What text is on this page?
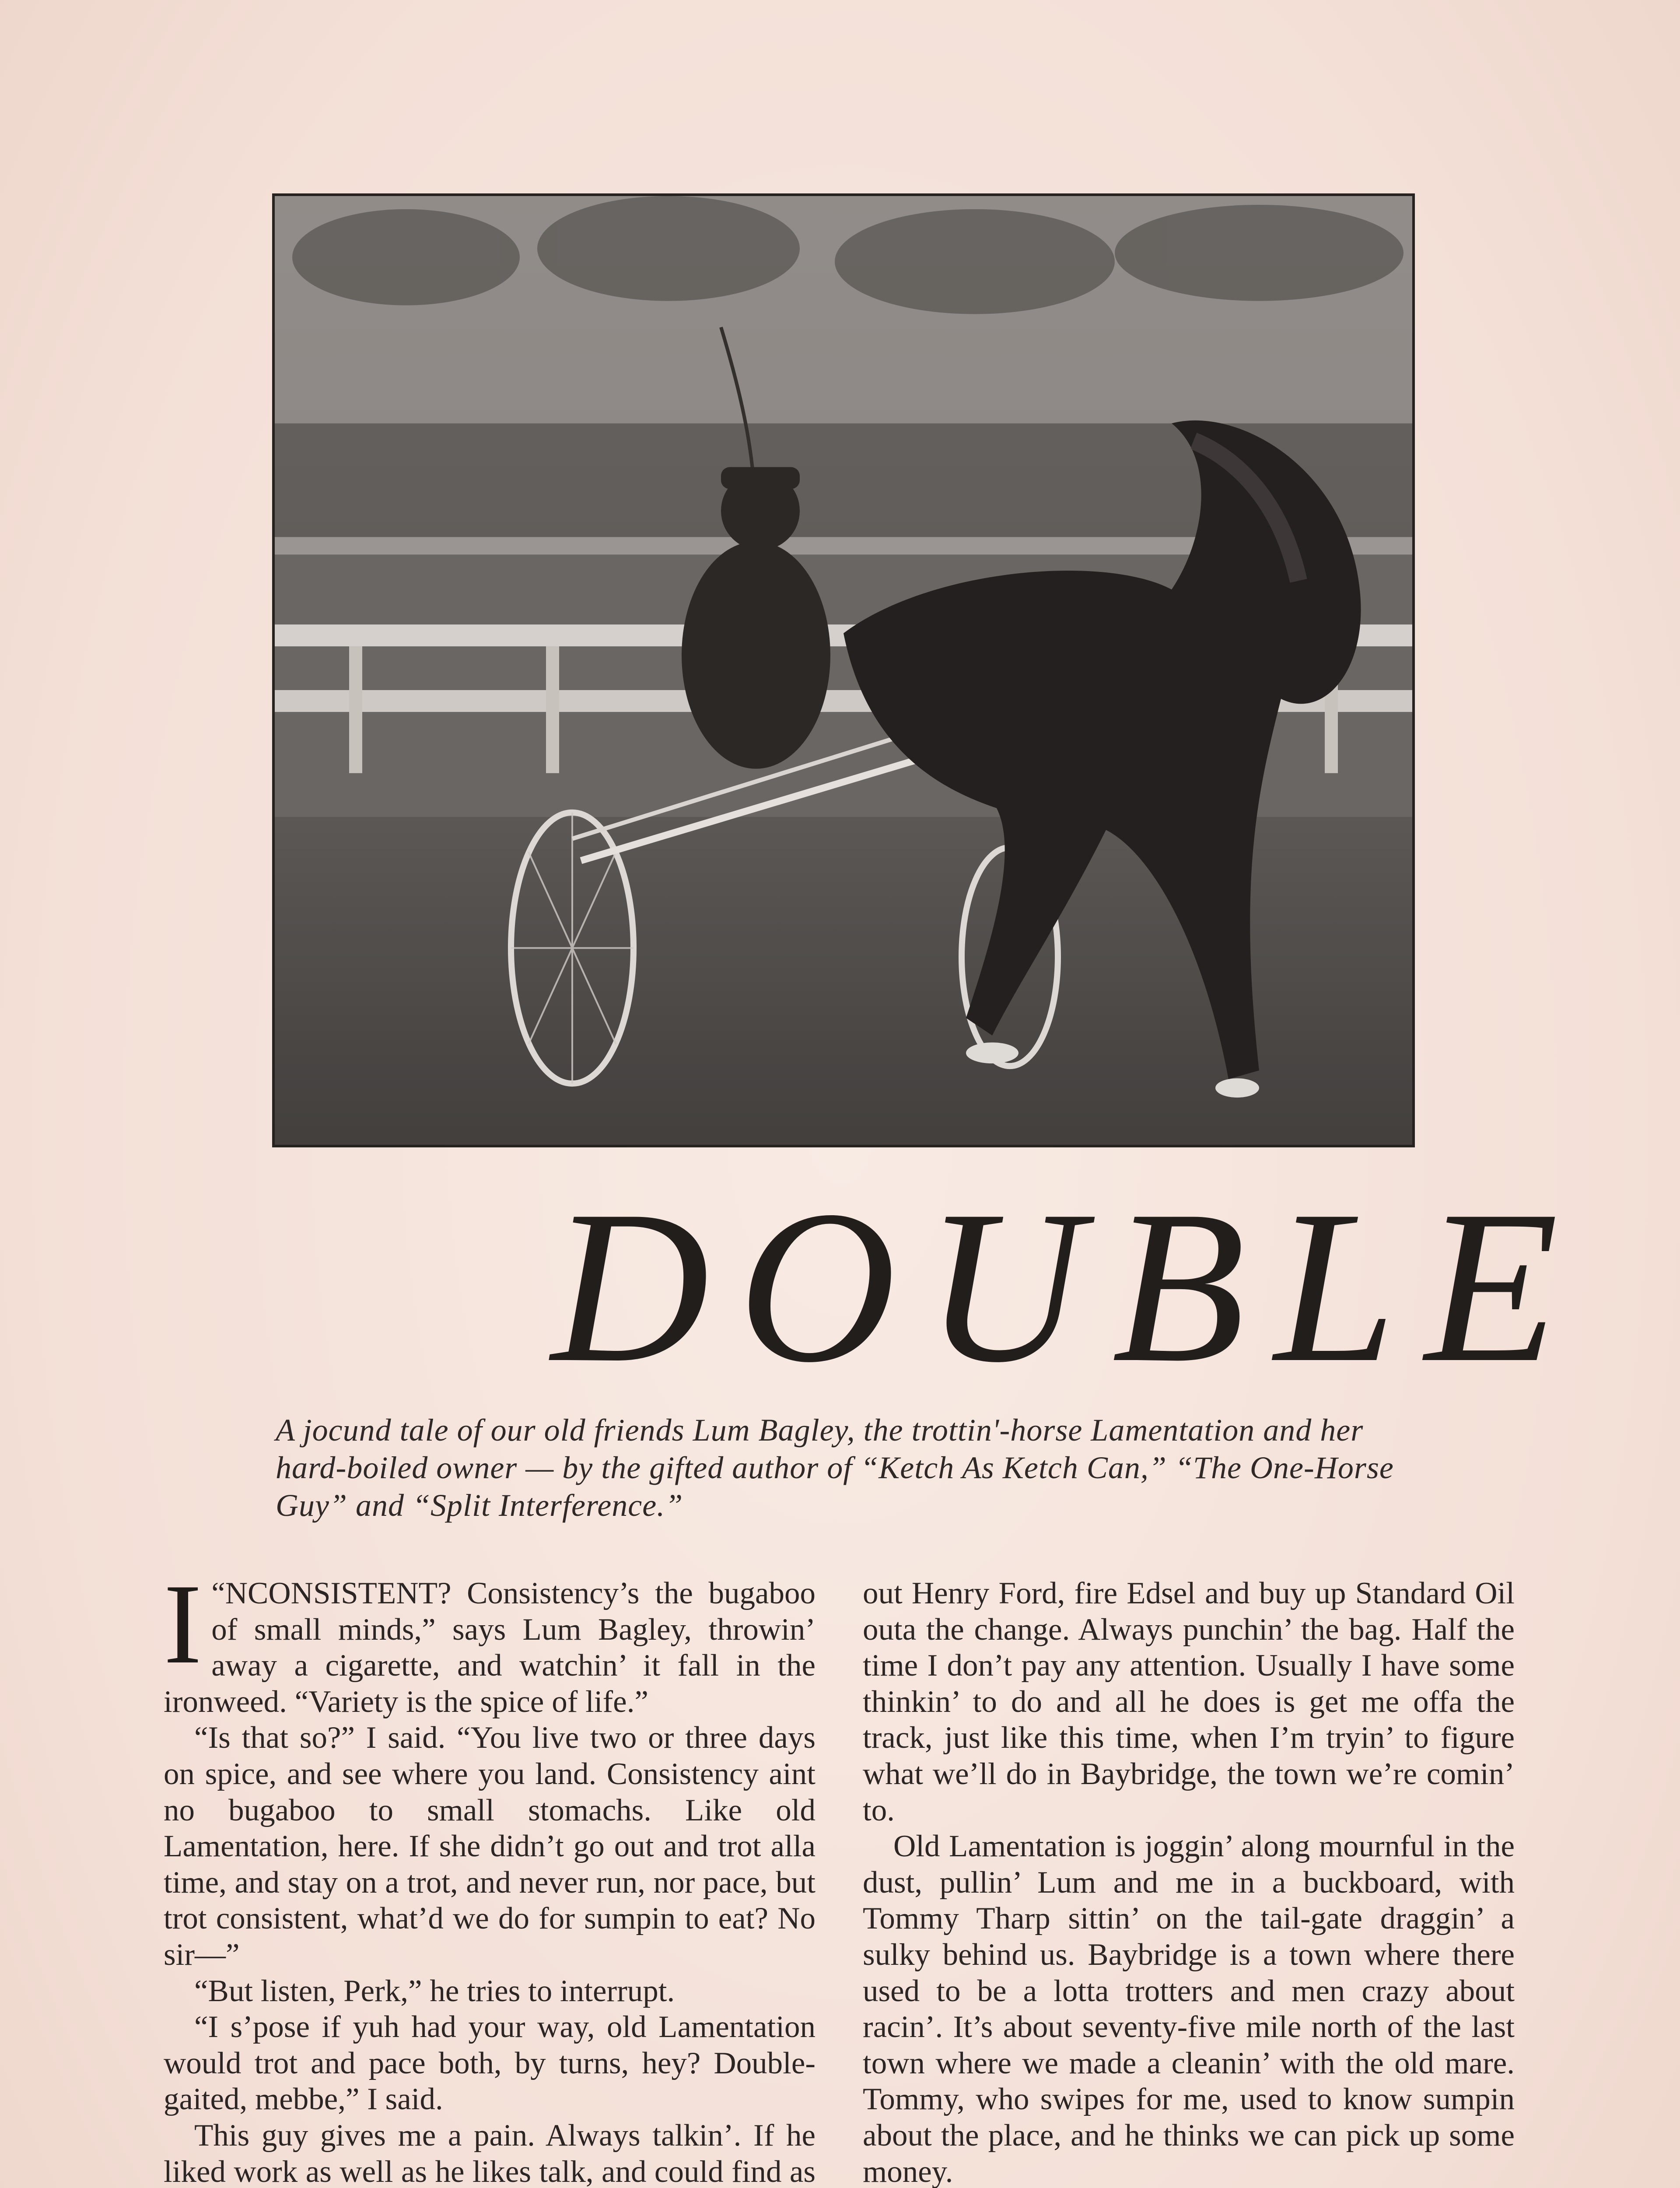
DOUBLE
A jocund tale of our old friends Lum Bagley, the trottin'-horse Lamentation and her hard-boiled owner — by the gifted author of “Ketch As Ketch Can,” “The One-Horse Guy” and “Split Interference.”

“
I NCONSISTENT? Consistency’s the bugaboo of small minds,” says Lum Bagley, throwin’ away a cigarette, and watchin’ it fall in the ironweed. “Variety is the spice of life.”

“Is that so?” I said. “You live two or three days on spice, and see where you land. Consistency aint no bugaboo to small stomachs. Like old Lamentation, here. If she didn’t go out and trot alla time, and stay on a trot, and never run, nor pace, but trot consistent, what’d we do for sumpin to eat? No sir—”

“But listen, Perk,” he tries to interrupt.

“I s’pose if yuh had your way, old Lamentation would trot and pace both, by turns, hey? Double-gaited, mebbe,” I said.

This guy gives me a pain. Always talkin’. If he liked work as well as he likes talk, and could find as

out Henry Ford, fire Edsel and buy up Standard Oil outa the change. Always punchin’ the bag. Half the time I don’t pay any attention. Usually I have some thinkin’ to do and all he does is get me offa the track, just like this time, when I’m tryin’ to figure what we’ll do in Baybridge, the town we’re comin’ to.

Old Lamentation is joggin’ along mournful in the dust, pullin’ Lum and me in a buckboard, with Tommy Tharp sittin’ on the tail-gate draggin’ a sulky behind us. Baybridge is a town where there used to be a lotta trotters and men crazy about racin’. It’s about seventy-five mile north of the last town where we made a cleanin’ with the old mare. Tommy, who swipes for me, used to know sumpin about the place, and he thinks we can pick up some money.
